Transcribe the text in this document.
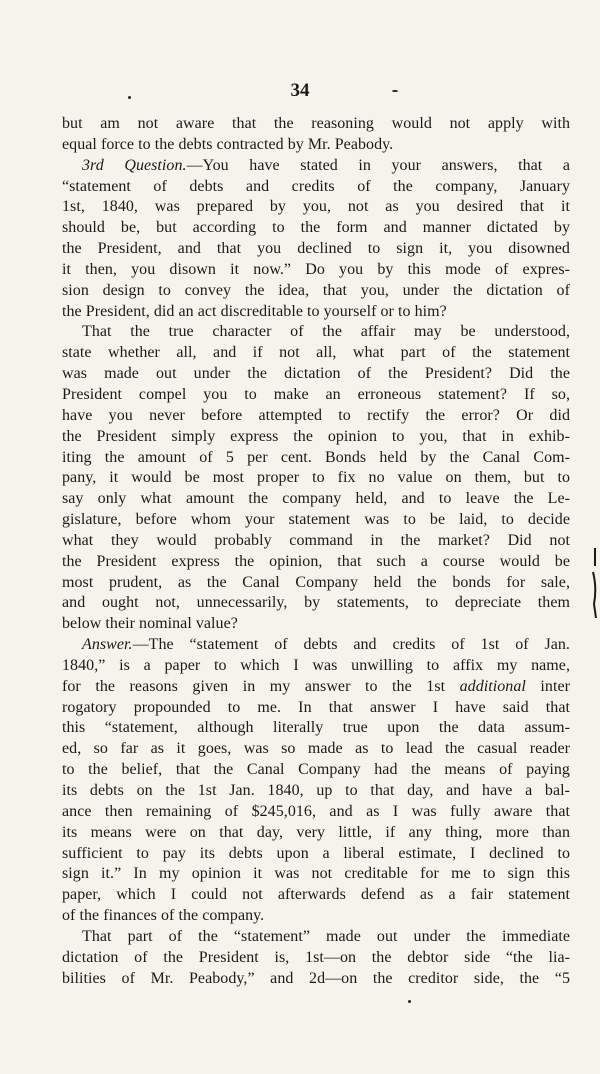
34
but am not aware that the reasoning would not apply with
equal force to the debts contracted by Mr. Peabody.
3rd Question.—You have stated in your answers, that a
“statement of debts and credits of the company, January
1st, 1840, was prepared by you, not as you desired that it
should be, but according to the form and manner dictated by
the President, and that you declined to sign it, you disowned
it then, you disown it now.” Do you by this mode of expres-
sion design to convey the idea, that you, under the dictation of
the President, did an act discreditable to yourself or to him?
That the true character of the affair may be understood,
state whether all, and if not all, what part of the statement
was made out under the dictation of the President? Did the
President compel you to make an erroneous statement? If so,
have you never before attempted to rectify the error? Or did
the President simply express the opinion to you, that in exhib-
iting the amount of 5 per cent. Bonds held by the Canal Com-
pany, it would be most proper to fix no value on them, but to
say only what amount the company held, and to leave the Le-
gislature, before whom your statement was to be laid, to decide
what they would probably command in the market? Did not
the President express the opinion, that such a course would be
most prudent, as the Canal Company held the bonds for sale,
and ought not, unnecessarily, by statements, to depreciate them
below their nominal value?
Answer.—The “statement of debts and credits of 1st of Jan.
1840,” is a paper to which I was unwilling to affix my name,
for the reasons given in my answer to the 1st additional inter
rogatory propounded to me. In that answer I have said that
this “statement, although literally true upon the data assum-
ed, so far as it goes, was so made as to lead the casual reader
to the belief, that the Canal Company had the means of paying
its debts on the 1st Jan. 1840, up to that day, and have a bal-
ance then remaining of $245,016, and as I was fully aware that
its means were on that day, very little, if any thing, more than
sufficient to pay its debts upon a liberal estimate, I declined to
sign it.” In my opinion it was not creditable for me to sign this
paper, which I could not afterwards defend as a fair statement
of the finances of the company.
That part of the “statement” made out under the immediate
dictation of the President is, 1st—on the debtor side “the lia-
bilities of Mr. Peabody,” and 2d—on the creditor side, the “5
